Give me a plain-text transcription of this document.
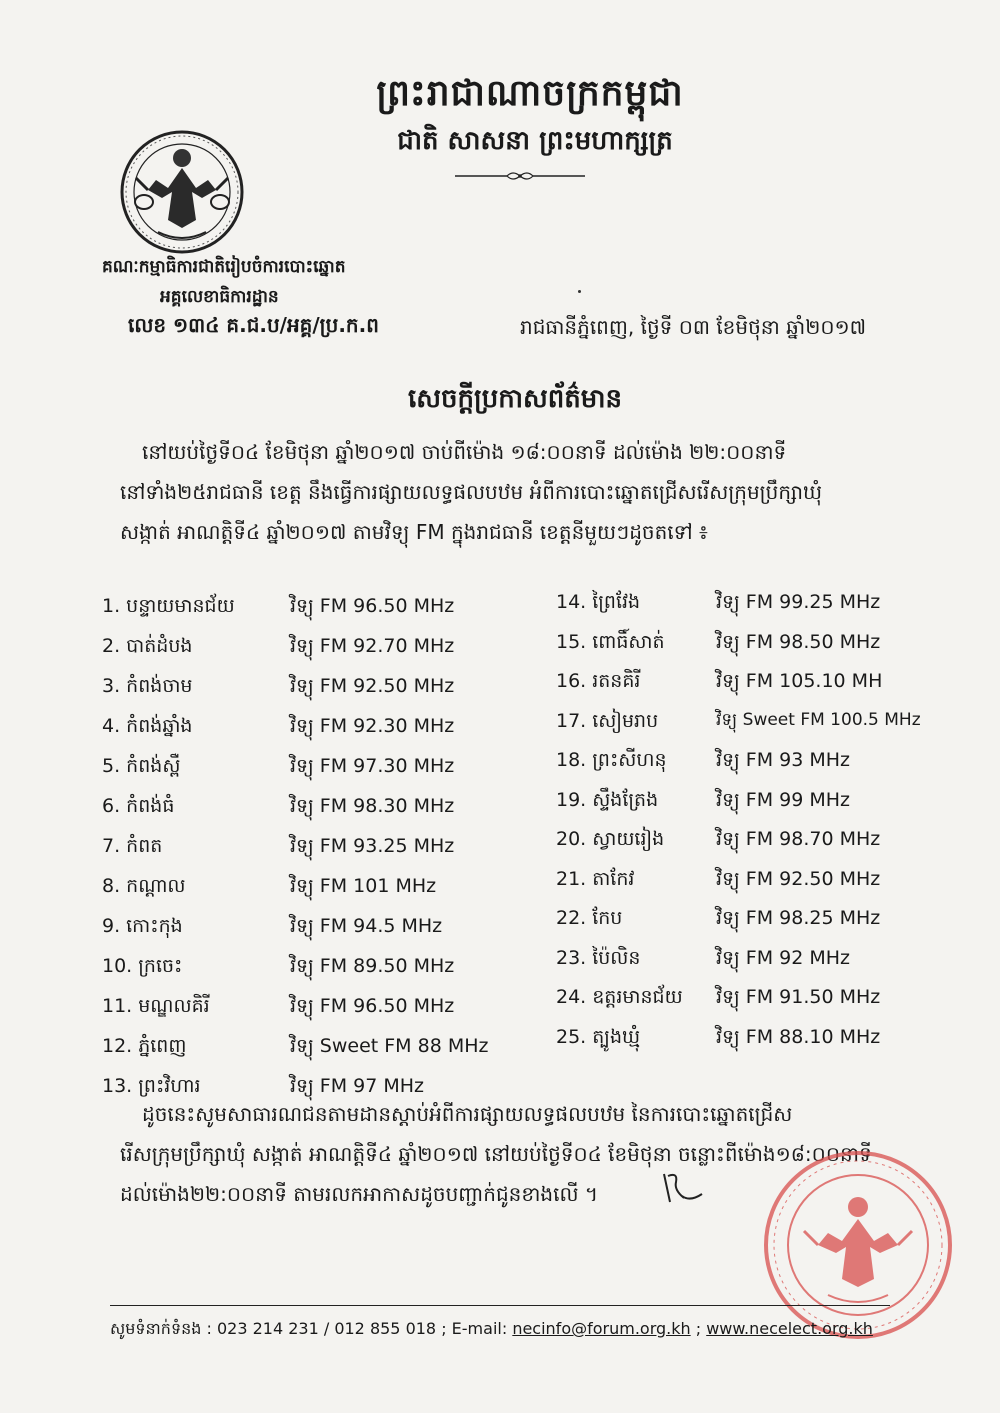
ព្រះរាជាណាចក្រកម្ពុជា
ជាតិ សាសនា ព្រះមហាក្សត្រ
គណៈកម្មាធិការជាតិរៀបចំការបោះឆ្នោត
អគ្គលេខាធិការដ្ឋាន
លេខ ១៣៤ គ.ជ.ប/អគ្គ/ប្រ.ក.ព	រាជធានីភ្នំពេញ, ថ្ងៃទី ០៣ ខែមិថុនា ឆ្នាំ២០១៧
សេចក្តីប្រកាសព័ត៌មាន
នៅយប់ថ្ងៃទី០៤ ខែមិថុនា ឆ្នាំ២០១៧ ចាប់ពីម៉ោង ១៨:០០នាទី ដល់ម៉ោង ២២:០០នាទី
នៅទាំង២៥រាជធានី ខេត្ត នឹងធ្វើការផ្សាយលទ្ធផលបឋម អំពីការបោះឆ្នោតជ្រើសរើសក្រុមប្រឹក្សាឃុំ
សង្កាត់ អាណត្តិទី៤ ឆ្នាំ២០១៧ តាមវិទ្យុ FM ក្នុងរាជធានី ខេត្តនីមួយៗដូចតទៅ ៖
1. បន្ទាយមានជ័យ	វិទ្យុ FM 96.50 MHz
2. បាត់ដំបង	វិទ្យុ FM 92.70 MHz
3. កំពង់ចាម	វិទ្យុ FM 92.50 MHz
4. កំពង់ឆ្នាំង	វិទ្យុ FM 92.30 MHz
5. កំពង់ស្ពឺ	វិទ្យុ FM 97.30 MHz
6. កំពង់ធំ	វិទ្យុ FM 98.30 MHz
7. កំពត	វិទ្យុ FM 93.25 MHz
8. កណ្តាល	វិទ្យុ FM 101 MHz
9. កោះកុង	វិទ្យុ FM 94.5 MHz
10. ក្រចេះ	វិទ្យុ FM 89.50 MHz
11. មណ្ឌលគិរី	វិទ្យុ FM 96.50 MHz
12. ភ្នំពេញ	វិទ្យុ Sweet FM 88 MHz
13. ព្រះវិហារ	វិទ្យុ FM 97 MHz
14. ព្រៃវែង	វិទ្យុ FM 99.25 MHz
15. ពោធិ៍សាត់	វិទ្យុ FM 98.50 MHz
16. រតនគិរី	វិទ្យុ FM 105.10 MH
17. សៀមរាប	វិទ្យុ Sweet FM 100.5 MHz
18. ព្រះសីហនុ	វិទ្យុ FM 93 MHz
19. ស្ទឹងត្រែង	វិទ្យុ FM 99 MHz
20. ស្វាយរៀង	វិទ្យុ FM 98.70 MHz
21. តាកែវ	វិទ្យុ FM 92.50 MHz
22. កែប	វិទ្យុ FM 98.25 MHz
23. ប៉ៃលិន	វិទ្យុ FM 92 MHz
24. ឧត្តរមានជ័យ វិទ្យុ FM 91.50 MHz
25. ត្បូងឃ្មុំ	វិទ្យុ FM 88.10 MHz
ដូចនេះសូមសាធារណជនតាមដានស្តាប់អំពីការផ្សាយលទ្ធផលបឋម នៃការបោះឆ្នោតជ្រើស
រើសក្រុមប្រឹក្សាឃុំ សង្កាត់ អាណត្តិទី៤ ឆ្នាំ២០១៧ នៅយប់ថ្ងៃទី០៤ ខែមិថុនា ចន្លោះពីម៉ោង១៨:០០នាទី
ដល់ម៉ោង២២:០០នាទី តាមរលកអាកាសដូចបញ្ជាក់ជូនខាងលើ ។
សូមទំនាក់ទំនង : 023 214 231 / 012 855 018 ; E-mail: necinfo@forum.org.kh ; www.necelect.org.kh
